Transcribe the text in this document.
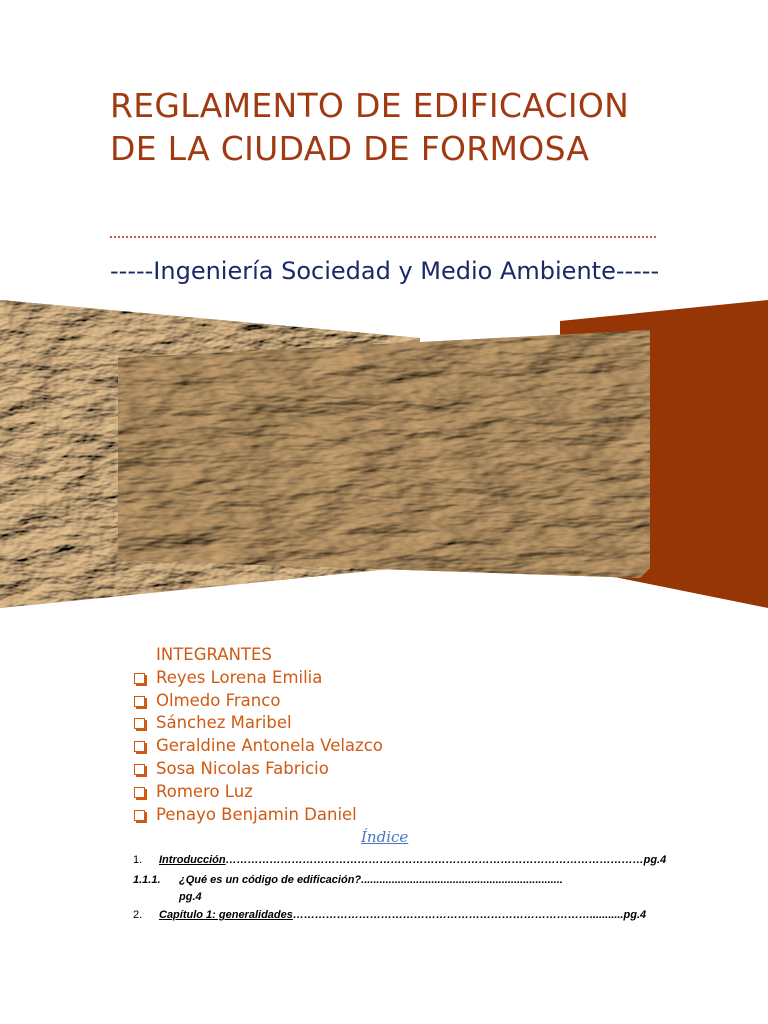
REGLAMENTO DE EDIFICACION DE LA CIUDAD DE FORMOSA
-----Ingeniería Sociedad y Medio Ambiente-----
INTEGRANTES
Reyes Lorena Emilia
Olmedo Franco
Sánchez Maribel
Geraldine Antonela Velazco
Sosa Nicolas Fabricio
Romero Luz
Penayo Benjamin Daniel
Índice
1. Introducción……………………………………………………………………………………………………pg.4
1.1.1. ¿Qué es un código de edificación?..................................................................
pg.4
2. Capítulo 1: generalidades………………………………………………………………………...........pg.4
